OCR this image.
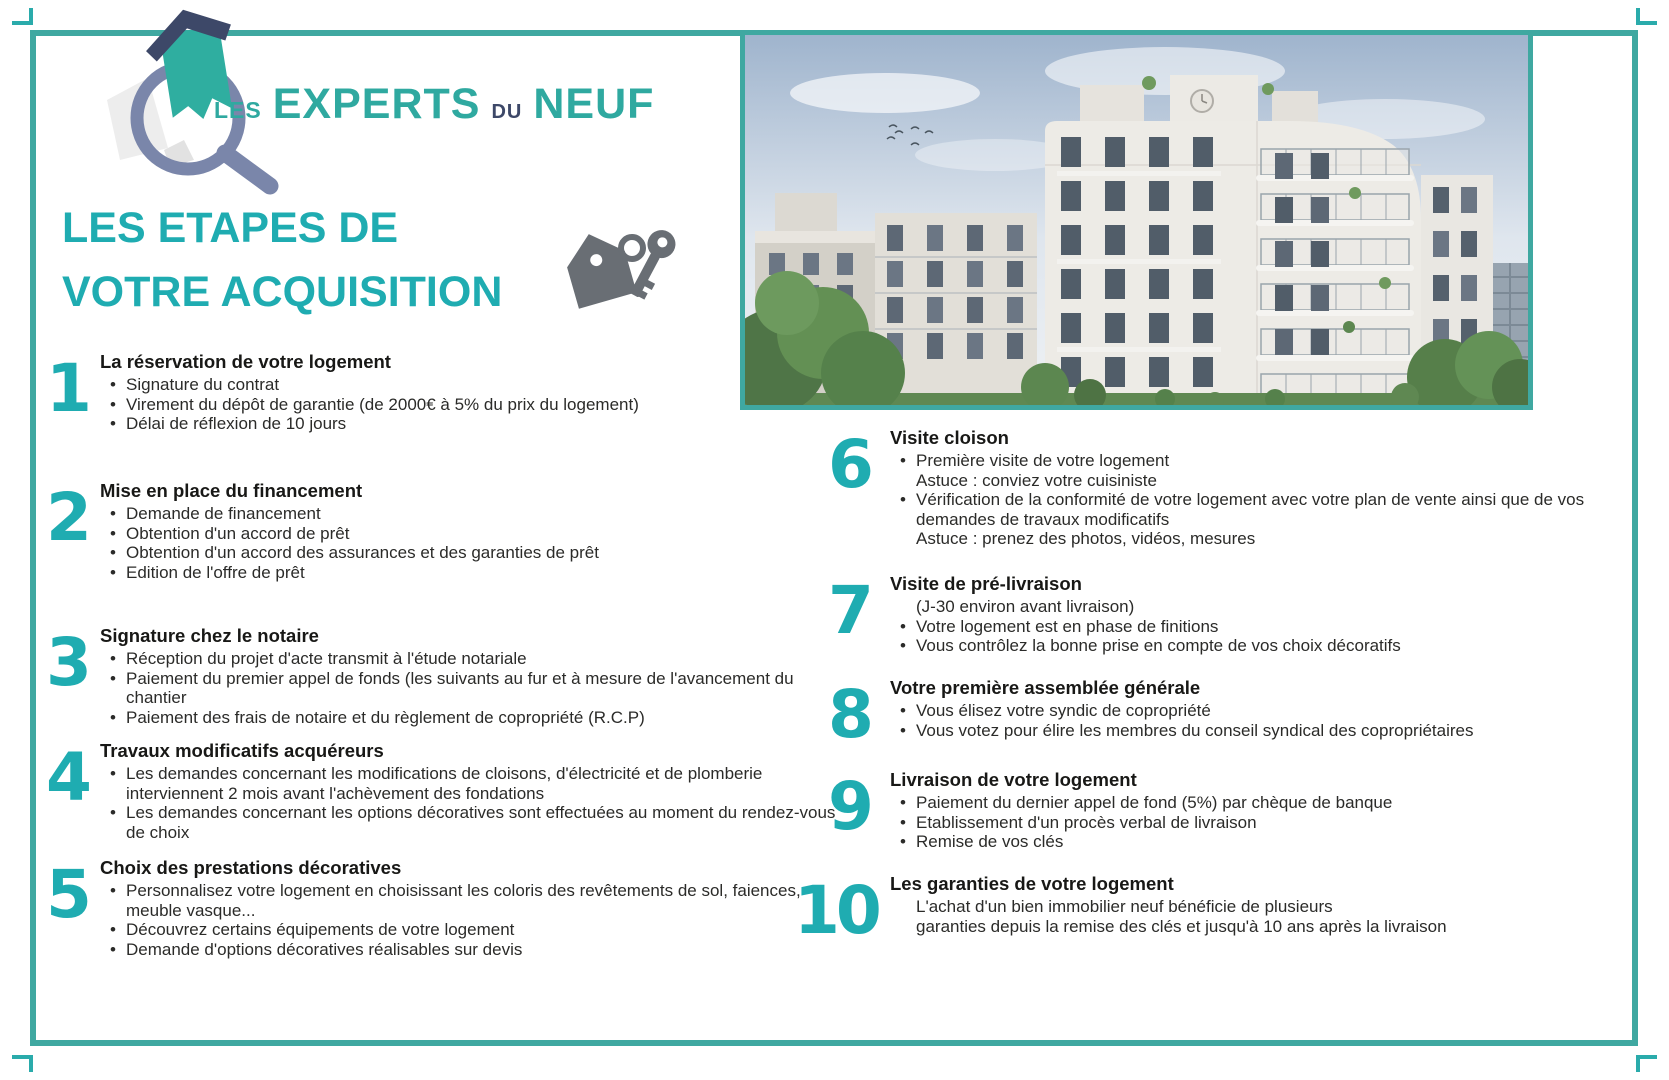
LES EXPERTS DU NEUF
LES ETAPES DE
VOTRE ACQUISITION
1 La réservation de votre logement
•
Signature du contrat
•
Virement du dépôt de garantie (de 2000€ à 5% du prix du logement)
•
Délai de réflexion de 10 jours
2 Mise en place du financement
•
Demande de financement
•
Obtention d'un accord de prêt
•
Obtention d'un accord des assurances et des garanties de prêt
•
Edition de l'offre de prêt
3 Signature chez le notaire
•
Réception du projet d'acte transmit à l'étude notariale
•
Paiement du premier appel de fonds (les suivants au fur et à mesure de l'avancement du chantier
•
Paiement des frais de notaire et du règlement de copropriété (R.C.P)
4 Travaux modificatifs acquéreurs
•
Les demandes concernant les modifications de cloisons, d'électricité et de plomberie interviennent 2 mois avant l'achèvement des fondations
•
Les demandes concernant les options décoratives sont effectuées au moment du rendez-vous de choix
5 Choix des prestations décoratives
•
Personnalisez votre logement en choisissant les coloris des revêtements de sol, faiences, meuble vasque...
•
Découvrez certains équipements de votre logement
•
Demande d'options décoratives réalisables sur devis
6 Visite cloison
•
Première visite de votre logement
Astuce : conviez votre cuisiniste
•
Vérification de la conformité de votre logement avec votre plan de vente ainsi que de vos demandes de travaux modificatifs
Astuce : prenez des photos, vidéos, mesures
7 Visite de pré-livraison
(J-30 environ avant livraison)
•
Votre logement est en phase de finitions
•
Vous contrôlez la bonne prise en compte de vos choix décoratifs
8 Votre première assemblée générale
•
Vous élisez votre syndic de copropriété
•
Vous votez pour élire les membres du conseil syndical des copropriétaires
9 Livraison de votre logement
•
Paiement du dernier appel de fond (5%) par chèque de banque
•
Etablissement d'un procès verbal de livraison
•
Remise de vos clés
10 Les garanties de votre logement
L'achat d'un bien immobilier neuf bénéficie de plusieurs
garanties depuis la remise des clés et jusqu'à 10 ans après la livraison
